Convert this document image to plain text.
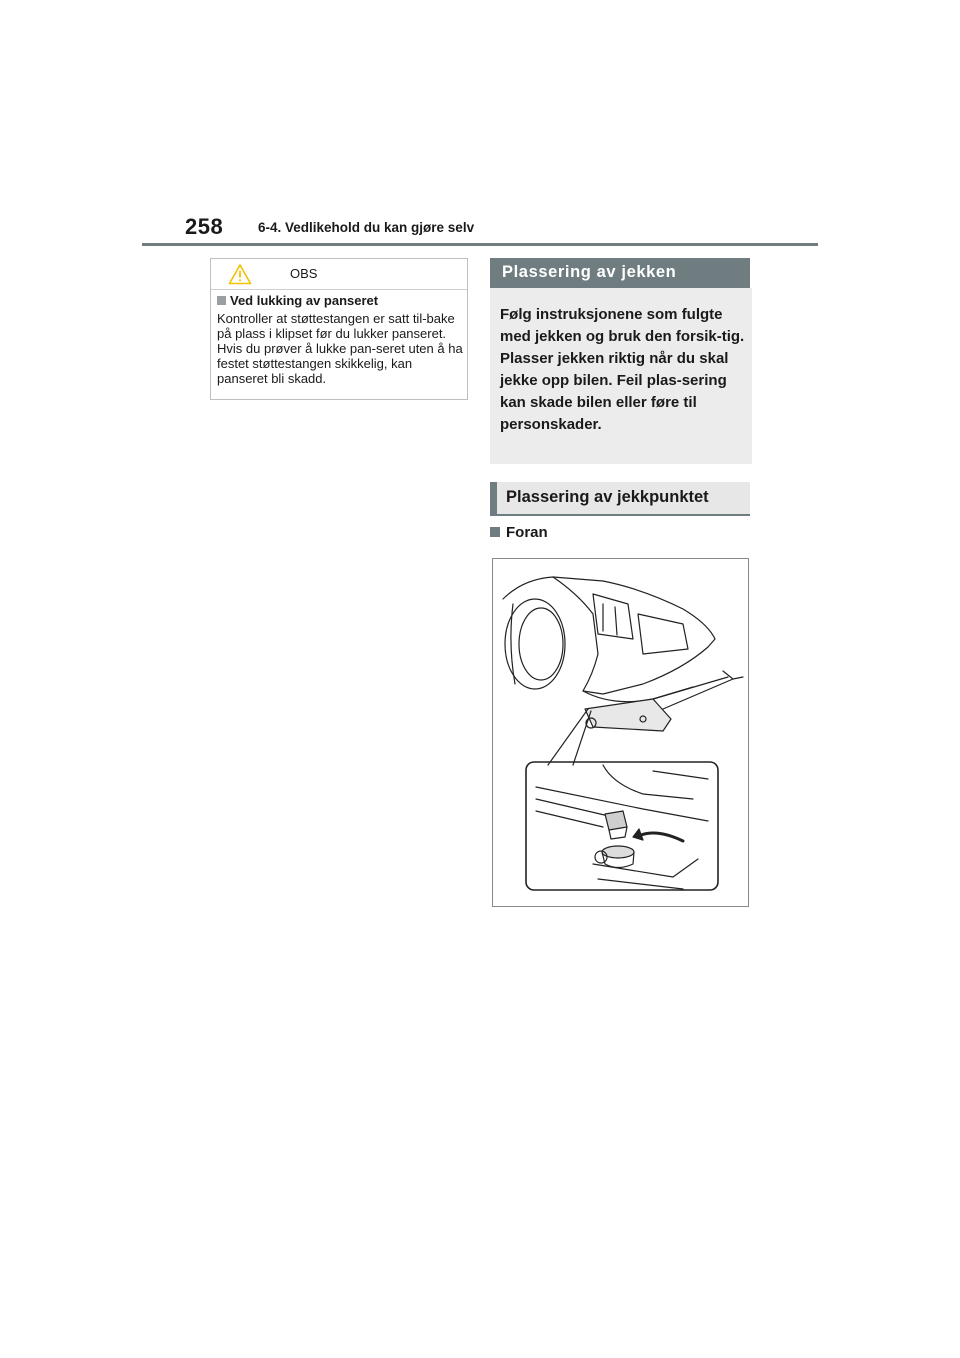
258	6-4. Vedlikehold du kan gjøre selv
OBS
Ved lukking av panseret
Kontroller at støttestangen er satt til-bake på plass i klipset før du lukker panseret. Hvis du prøver å lukke pan-seret uten å ha festet støttestangen skikkelig, kan panseret bli skadd.
Plassering av jekken
Følg instruksjonene som fulgte med jekken og bruk den forsik-tig. Plasser jekken riktig når du skal jekke opp bilen. Feil plas-sering kan skade bilen eller føre til personskader.
Plassering av jekkpunktet
Foran
